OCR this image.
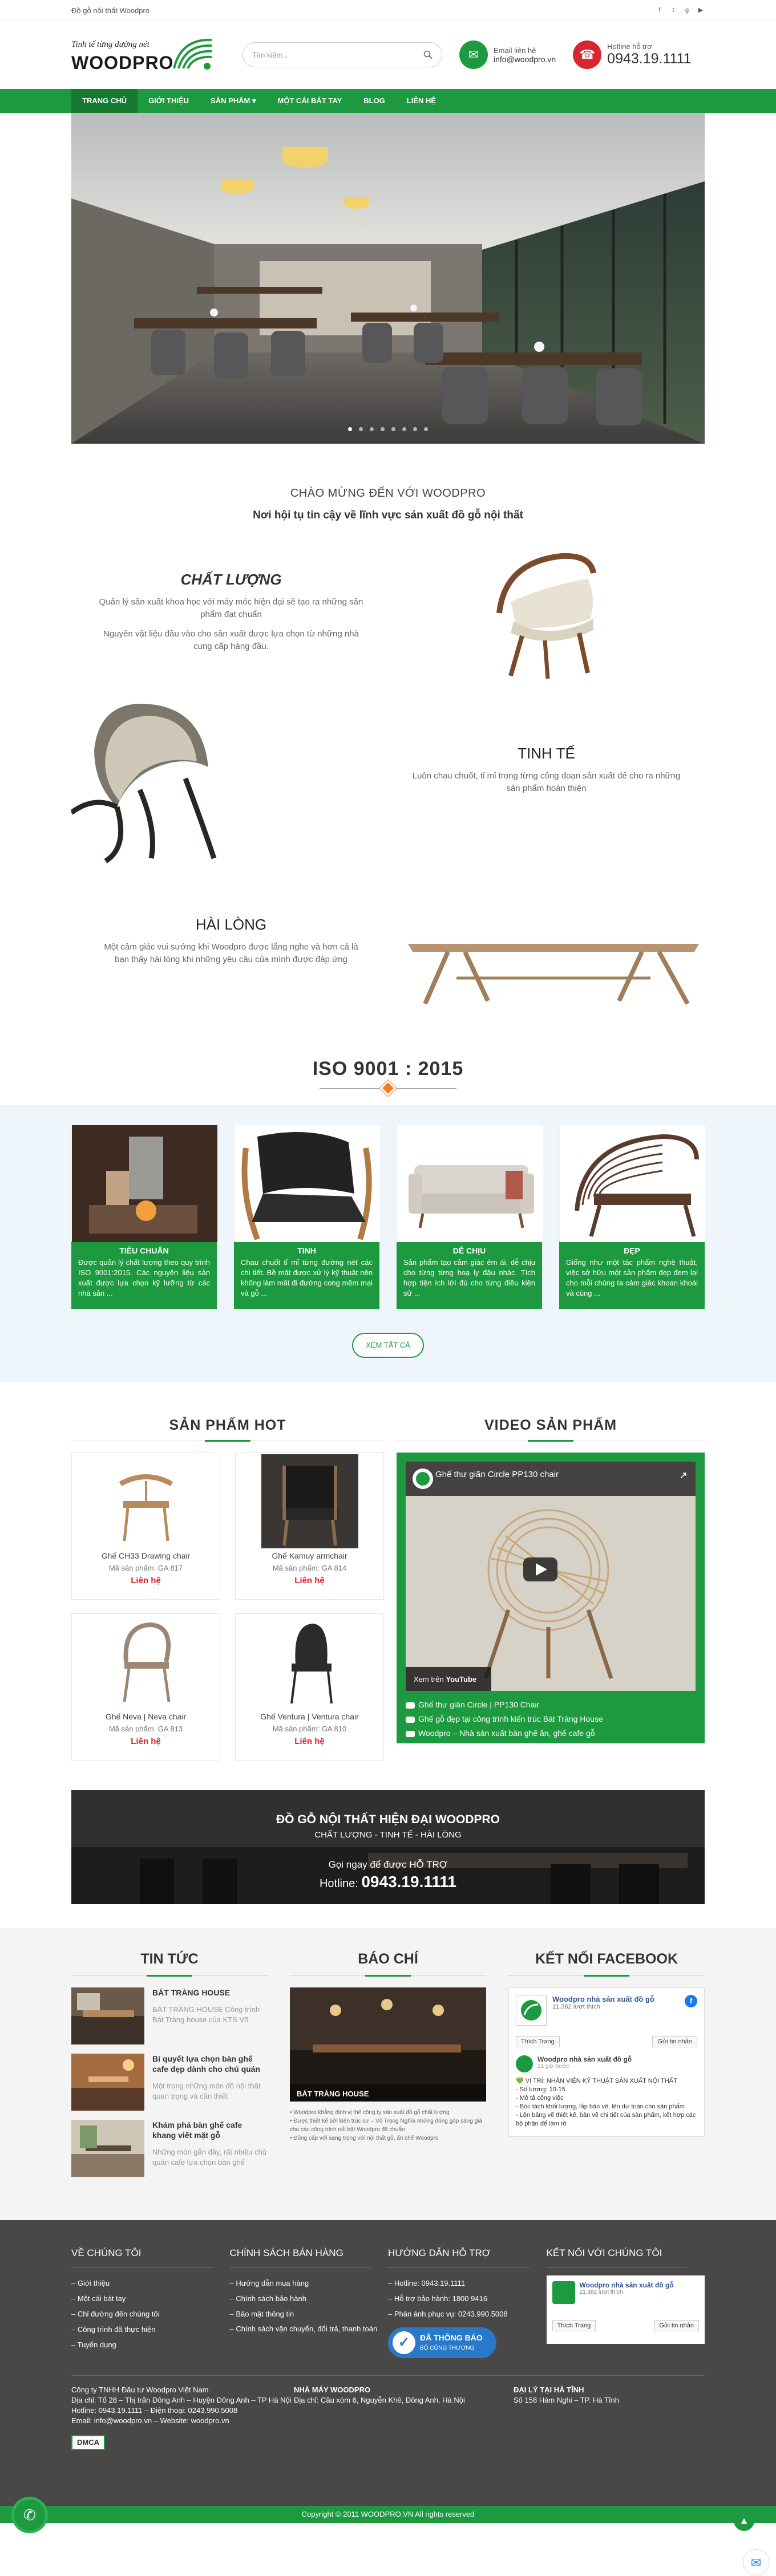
Đồ gỗ nội thất Woodpro	f	t	g	▶
Tinh tế từng đường nét
WOODPRO	Tìm kiếm...	✉	Email liên hệ
info@woodpro.vn	☎
Hotline hỗ trợ
0943.19.1111
TRANG CHỦ	GIỚI THIỆU	SẢN PHẨM ▾	MỘT CÁI BÁT TAY	BLOG	LIÊN HỆ
CHÀO MỪNG ĐẾN VỚI WOODPRO
Nơi hội tụ tin cậy về lĩnh vực sản xuất đồ gỗ nội thất
CHẤT LƯỢNG
Quản lý sản xuất khoa học với máy móc hiện đại sẽ tạo ra những sản phẩm đạt chuẩn
Nguyên vật liệu đầu vào cho sản xuất được lựa chọn từ những nhà cung cấp hàng đầu.
TINH TẾ
Luôn chau chuốt, tỉ mỉ trong từng công đoạn sản xuất để cho ra những sản phẩm hoàn thiện
HÀI LÒNG
Một cảm giác vui sướng khi Woodpro được lắng nghe và hơn cả là bạn thấy hài lòng khi những yêu cầu của mình được đáp ứng
ISO 9001 : 2015
TIÊU CHUẨN
Được quản lý chất lượng theo quy trình ISO 9001:2015. Các nguyên liệu sản xuất được lựa chọn kỹ lưỡng từ các nhà sản ...
TINH
Chau chuốt tỉ mỉ từng đường nét các chi tiết. Bề mặt được xử lý kỹ thuật nên không làm mất đi đường cong mềm mại và gỗ ...
DỄ CHỊU
Sản phẩm tạo cảm giác êm ái, dễ chịu cho từng từng hoạ ly đậu nhác. Tích hợp tiện ích lời đủ cho từng điều kiện sử ...
ĐẸP
Giống như một tác phẩm nghệ thuật, việc sở hữu một sản phẩm đẹp đem lại cho mỗi chúng ta cảm giác khoan khoái và cùng ...
XEM TẤT CẢ
SẢN PHẨM HOT
Ghế CH33 Drawing chair
Mã sản phẩm: GA 817
Liên hệ
Ghế Kamuy armchair
Mã sản phẩm: GA 814
Liên hệ
Ghế Neva | Neva chair
Mã sản phẩm: GA 813
Liên hệ
Ghế Ventura | Ventura chair
Mã sản phẩm: GA 810
Liên hệ
VIDEO SẢN PHẨM
Ghế thư giãn Circle PP130 chair
Xem trên YouTube
↗
Ghế thư giãn Circle | PP130 Chair
Ghế gỗ đẹp tại công trình kiến trúc Bát Tràng House
Woodpro – Nhà sản xuất bàn ghế ăn, ghế cafe gỗ
ĐỒ GỖ NỘI THẤT HIỆN ĐẠI WOODPRO
CHẤT LƯỢNG - TINH TẾ - HÀI LÒNG
Gọi ngay để được HỖ TRỢ
Hotline: 0943.19.1111
TIN TỨC
BÁT TRÀNG HOUSE
BÁT TRÀNG HOUSE Công trình Bát Tràng house của KTS Võ
Bí quyết lựa chọn bàn ghế cafe đẹp dành cho chủ quán
Một trong những món đồ nội thất quan trọng và cần thiết
Khám phá bàn ghế cafe khang viết mặt gỗ
Những món gắn đây, rất nhiều chủ quán cafe lựa chọn bàn ghế
BÁO CHÍ
BÁT TRÀNG HOUSE
• Woodpro khẳng định vị thế công ty sản xuất đồ gỗ chất lượng
• Được thiết kế bởi kiến trúc sư – Võ Trọng Nghĩa những đóng góp sáng giá cho các công trình nổi bật Woodpro đã chuẩn
• Đồng cấp với sang trọng với nội thất gỗ, ấn chế Woodpro
KẾT NỐI FACEBOOK
Woodpro nhà sản xuất đồ gỗ
21.382 lượt thích
f
Thích Trang	Gửi tin nhắn
Woodpro nhà sản xuất đồ gỗ
21 giờ trước
💚 VI TRÍ: NHÂN VIÊN KỸ THUẬT SẢN XUẤT NỘI THẤT
- Số lượng: 10-15
- Mô tả công việc
- Bóc tách khối lượng, lắp bản vẽ, lên dự toán cho sản phẩm
- Lên bảng vẽ thiết kế, bản vẽ chi tiết của sản phẩm, kết hợp các bộ phận để làm rõ
VỀ CHÚNG TÔI
– Giới thiệu
– Một cái bát tay
– Chỉ đường đến chúng tôi
– Công trình đã thực hiện
– Tuyển dụng
CHÍNH SÁCH BÁN HÀNG
– Hướng dẫn mua hàng
– Chính sách bảo hành
– Bảo mật thông tin
– Chính sách vận chuyển, đổi trả, thanh toán
HƯỚNG DẪN HỖ TRỢ
– Hotline: 0943.19.1111
– Hỗ trợ bảo hành: 1800 9416
– Phản ánh phục vụ: 0243.990.5008
✓	ĐÃ THÔNG BÁO
BỘ CÔNG THƯƠNG
KẾT NỐI VỚI CHÚNG TÔI
Woodpro nhà sản xuất đồ gỗ
21.382 lượt thích
Thích Trang	Gửi tin nhắn
Công ty TNHH Đầu tư Woodpro Việt Nam
Địa chỉ: Tổ 28 – Thị trấn Đông Anh – Huyện Đông Anh – TP Hà Nội
Hotline: 0943.19.1111 – Điện thoại: 0243.990.5008
Email: info@woodpro.vn – Website: woodpro.vn
DMCA
NHÀ MÁY WOODPRO
Địa chỉ: Cầu xóm 6, Nguyễn Khê, Đông Anh, Hà Nội
ĐẠI LÝ TẠI HÀ TĨNH
Số 158 Hàm Nghi – TP. Hà Tĩnh
Copyright © 2011 WOODPRO.VN All rights reserved
✆	▲
✉
